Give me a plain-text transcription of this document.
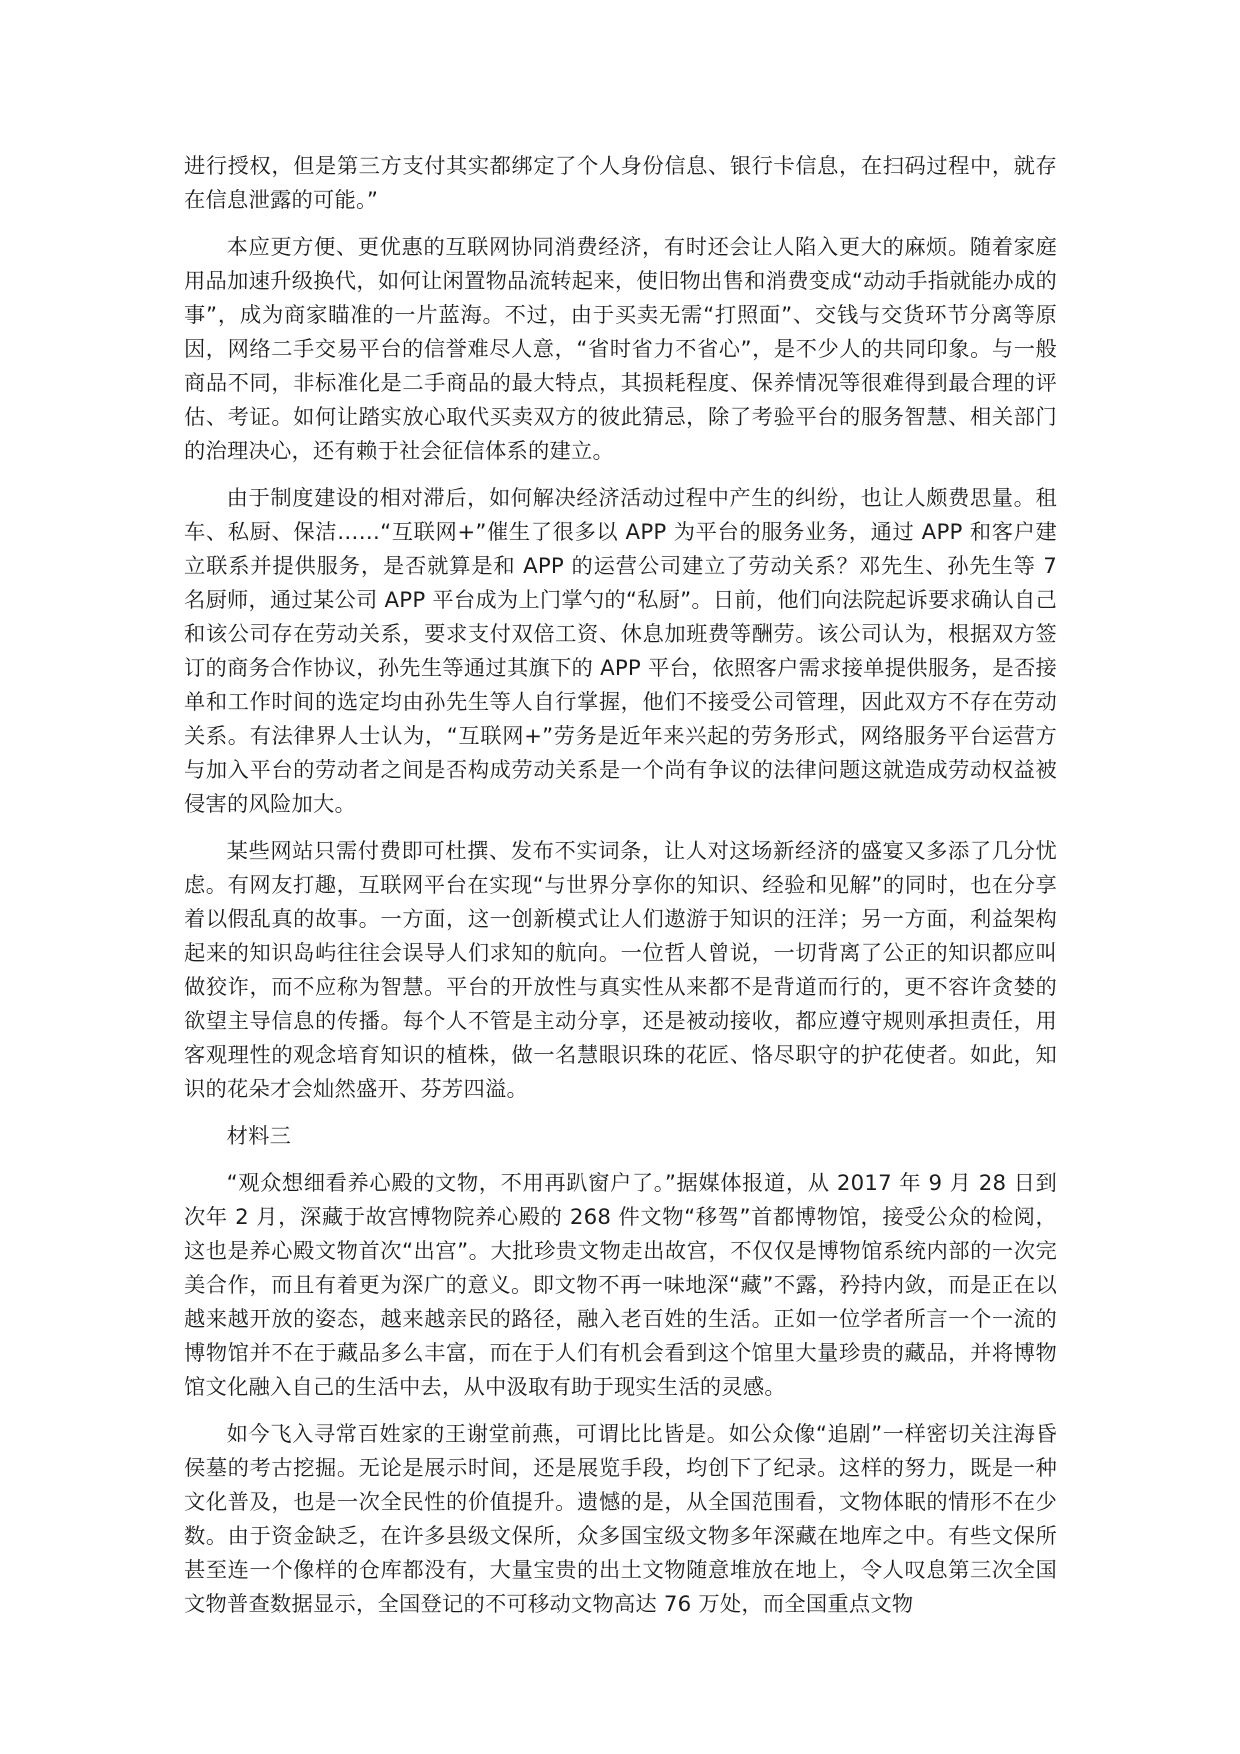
进行授权，但是第三方支付其实都绑定了个人身份信息、银行卡信息，在扫码过程中，就存在信息泄露的可能。”

本应更方便、更优惠的互联网协同消费经济，有时还会让人陷入更大的麻烦。随着家庭用品加速升级换代，如何让闲置物品流转起来，使旧物出售和消费变成“动动手指就能办成的事”，成为商家瞄准的一片蓝海。不过，由于买卖无需“打照面”、交钱与交货环节分离等原因，网络二手交易平台的信誉难尽人意，“省时省力不省心”，是不少人的共同印象。与一般商品不同，非标准化是二手商品的最大特点，其损耗程度、保养情况等很难得到最合理的评估、考证。如何让踏实放心取代买卖双方的彼此猜忌，除了考验平台的服务智慧、相关部门的治理决心，还有赖于社会征信体系的建立。

由于制度建设的相对滞后，如何解决经济活动过程中产生的纠纷，也让人颇费思量。租车、私厨、保洁……“互联网+”催生了很多以 APP 为平台的服务业务，通过 APP 和客户建立联系并提供服务，是否就算是和 APP 的运营公司建立了劳动关系？邓先生、孙先生等 7 名厨师，通过某公司 APP 平台成为上门掌勺的“私厨”。日前，他们向法院起诉要求确认自己和该公司存在劳动关系，要求支付双倍工资、休息加班费等酬劳。该公司认为，根据双方签订的商务合作协议，孙先生等通过其旗下的 APP 平台，依照客户需求接单提供服务，是否接单和工作时间的选定均由孙先生等人自行掌握，他们不接受公司管理，因此双方不存在劳动关系。有法律界人士认为，“互联网+”劳务是近年来兴起的劳务形式，网络服务平台运营方与加入平台的劳动者之间是否构成劳动关系是一个尚有争议的法律问题这就造成劳动权益被侵害的风险加大。

某些网站只需付费即可杜撰、发布不实词条，让人对这场新经济的盛宴又多添了几分忧虑。有网友打趣，互联网平台在实现“与世界分享你的知识、经验和见解”的同时，也在分享着以假乱真的故事。一方面，这一创新模式让人们遨游于知识的汪洋；另一方面，利益架构起来的知识岛屿往往会误导人们求知的航向。一位哲人曾说，一切背离了公正的知识都应叫做狡诈，而不应称为智慧。平台的开放性与真实性从来都不是背道而行的，更不容许贪婪的欲望主导信息的传播。每个人不管是主动分享，还是被动接收，都应遵守规则承担责任，用客观理性的观念培育知识的植株，做一名慧眼识珠的花匠、恪尽职守的护花使者。如此，知识的花朵才会灿然盛开、芬芳四溢。

材料三

“观众想细看养心殿的文物，不用再趴窗户了。”据媒体报道，从 2017 年 9 月 28 日到次年 2 月，深藏于故宫博物院养心殿的 268 件文物“移驾”首都博物馆，接受公众的检阅，这也是养心殿文物首次“出宫”。大批珍贵文物走出故宫，不仅仅是博物馆系统内部的一次完美合作，而且有着更为深广的意义。即文物不再一味地深“藏”不露，矜持内敛，而是正在以越来越开放的姿态，越来越亲民的路径，融入老百姓的生活。正如一位学者所言一个一流的博物馆并不在于藏品多么丰富，而在于人们有机会看到这个馆里大量珍贵的藏品，并将博物馆文化融入自己的生活中去，从中汲取有助于现实生活的灵感。

如今飞入寻常百姓家的王谢堂前燕，可谓比比皆是。如公众像“追剧”一样密切关注海昏侯墓的考古挖掘。无论是展示时间，还是展览手段，均创下了纪录。这样的努力，既是一种文化普及，也是一次全民性的价值提升。遗憾的是，从全国范围看，文物体眠的情形不在少数。由于资金缺乏，在许多县级文保所，众多国宝级文物多年深藏在地库之中。有些文保所甚至连一个像样的仓库都没有，大量宝贵的出土文物随意堆放在地上，令人叹息第三次全国文物普查数据显示，全国登记的不可移动文物高达 76 万处，而全国重点文物
